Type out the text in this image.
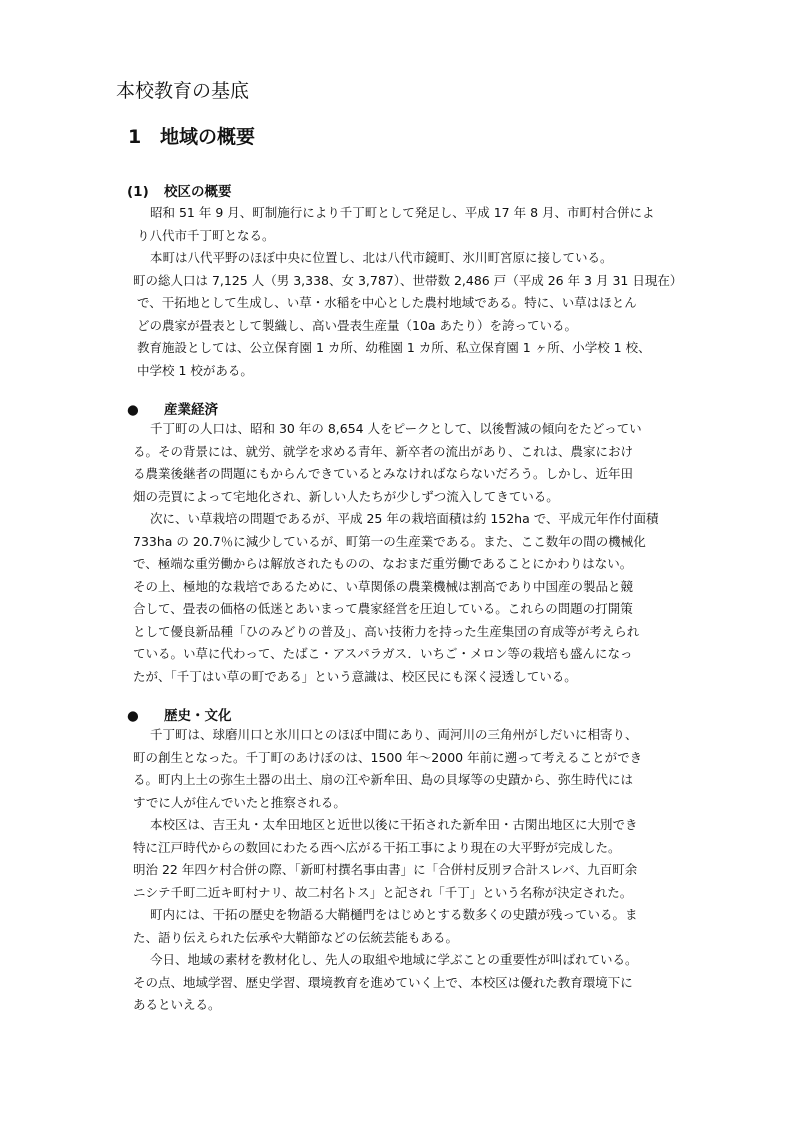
本校教育の基底
1 地域の概要
(1) 校区の概要

昭和 51 年 9 月、町制施行により千丁町として発足し、平成 17 年 8 月、市町村合併によ

り八代市千丁町となる。

本町は八代平野のほぼ中央に位置し、北は八代市鏡町、氷川町宮原に接している。

町の総人口は 7,125 人（男 3,338、女 3,787）、世帯数 2,486 戸（平成 26 年 3 月 31 日現在）

で、干拓地として生成し、い草・水稲を中心とした農村地域である。特に、い草はほとん

どの農家が畳表として製織し、高い畳表生産量（10a あたり）を誇っている。

教育施設としては、公立保育園 1 カ所、幼稚園 1 カ所、私立保育園 1 ヶ所、小学校 1 校、

中学校 1 校がある。

● 産業経済

千丁町の人口は、昭和 30 年の 8,654 人をピークとして、以後暫減の傾向をたどってい

る。その背景には、就労、就学を求める青年、新卒者の流出があり、これは、農家におけ

る農業後継者の問題にもからんできているとみなければならないだろう。しかし、近年田

畑の売買によって宅地化され、新しい人たちが少しずつ流入してきている。

次に、い草栽培の問題であるが、平成 25 年の栽培面積は約 152ha で、平成元年作付面積

733ha の 20.7％に減少しているが、町第一の生産業である。また、ここ数年の間の機械化

で、極端な重労働からは解放されたものの、なおまだ重労働であることにかわりはない。

その上、極地的な栽培であるために、い草関係の農業機械は割高であり中国産の製品と競

合して、畳表の価格の低迷とあいまって農家経営を圧迫している。これらの問題の打開策

として優良新品種「ひのみどりの普及」、高い技術力を持った生産集団の育成等が考えられ

ている。い草に代わって、たばこ・アスパラガス．いちご・メロン等の栽培も盛んになっ

たが、「千丁はい草の町である」という意識は、校区民にも深く浸透している。

● 歴史・文化

千丁町は、球磨川口と氷川口とのほぼ中間にあり、両河川の三角州がしだいに相寄り、

町の創生となった。千丁町のあけぼのは、1500 年〜2000 年前に遡って考えることができ

る。町内上土の弥生土器の出土、扇の江や新牟田、島の貝塚等の史蹟から、弥生時代には

すでに人が住んでいたと推察される。

本校区は、吉王丸・太牟田地区と近世以後に干拓された新牟田・古閑出地区に大別でき

特に江戸時代からの数回にわたる西へ広がる干拓工事により現在の大平野が完成した。

明治 22 年四ケ村合併の際、「新町村撰名事由書」に「合併村反別ヲ合計スレバ、九百町余

ニシテ千町二近キ町村ナリ、故二村名トス」と記され「千丁」という名称が決定された。

町内には、干拓の歴史を物語る大鞘樋門をはじめとする数多くの史蹟が残っている。ま

た、語り伝えられた伝承や大鞘節などの伝統芸能もある。

今日、地域の素材を教材化し、先人の取組や地域に学ぶことの重要性が叫ばれている。

その点、地域学習、歴史学習、環境教育を進めていく上で、本校区は優れた教育環境下に

あるといえる。
